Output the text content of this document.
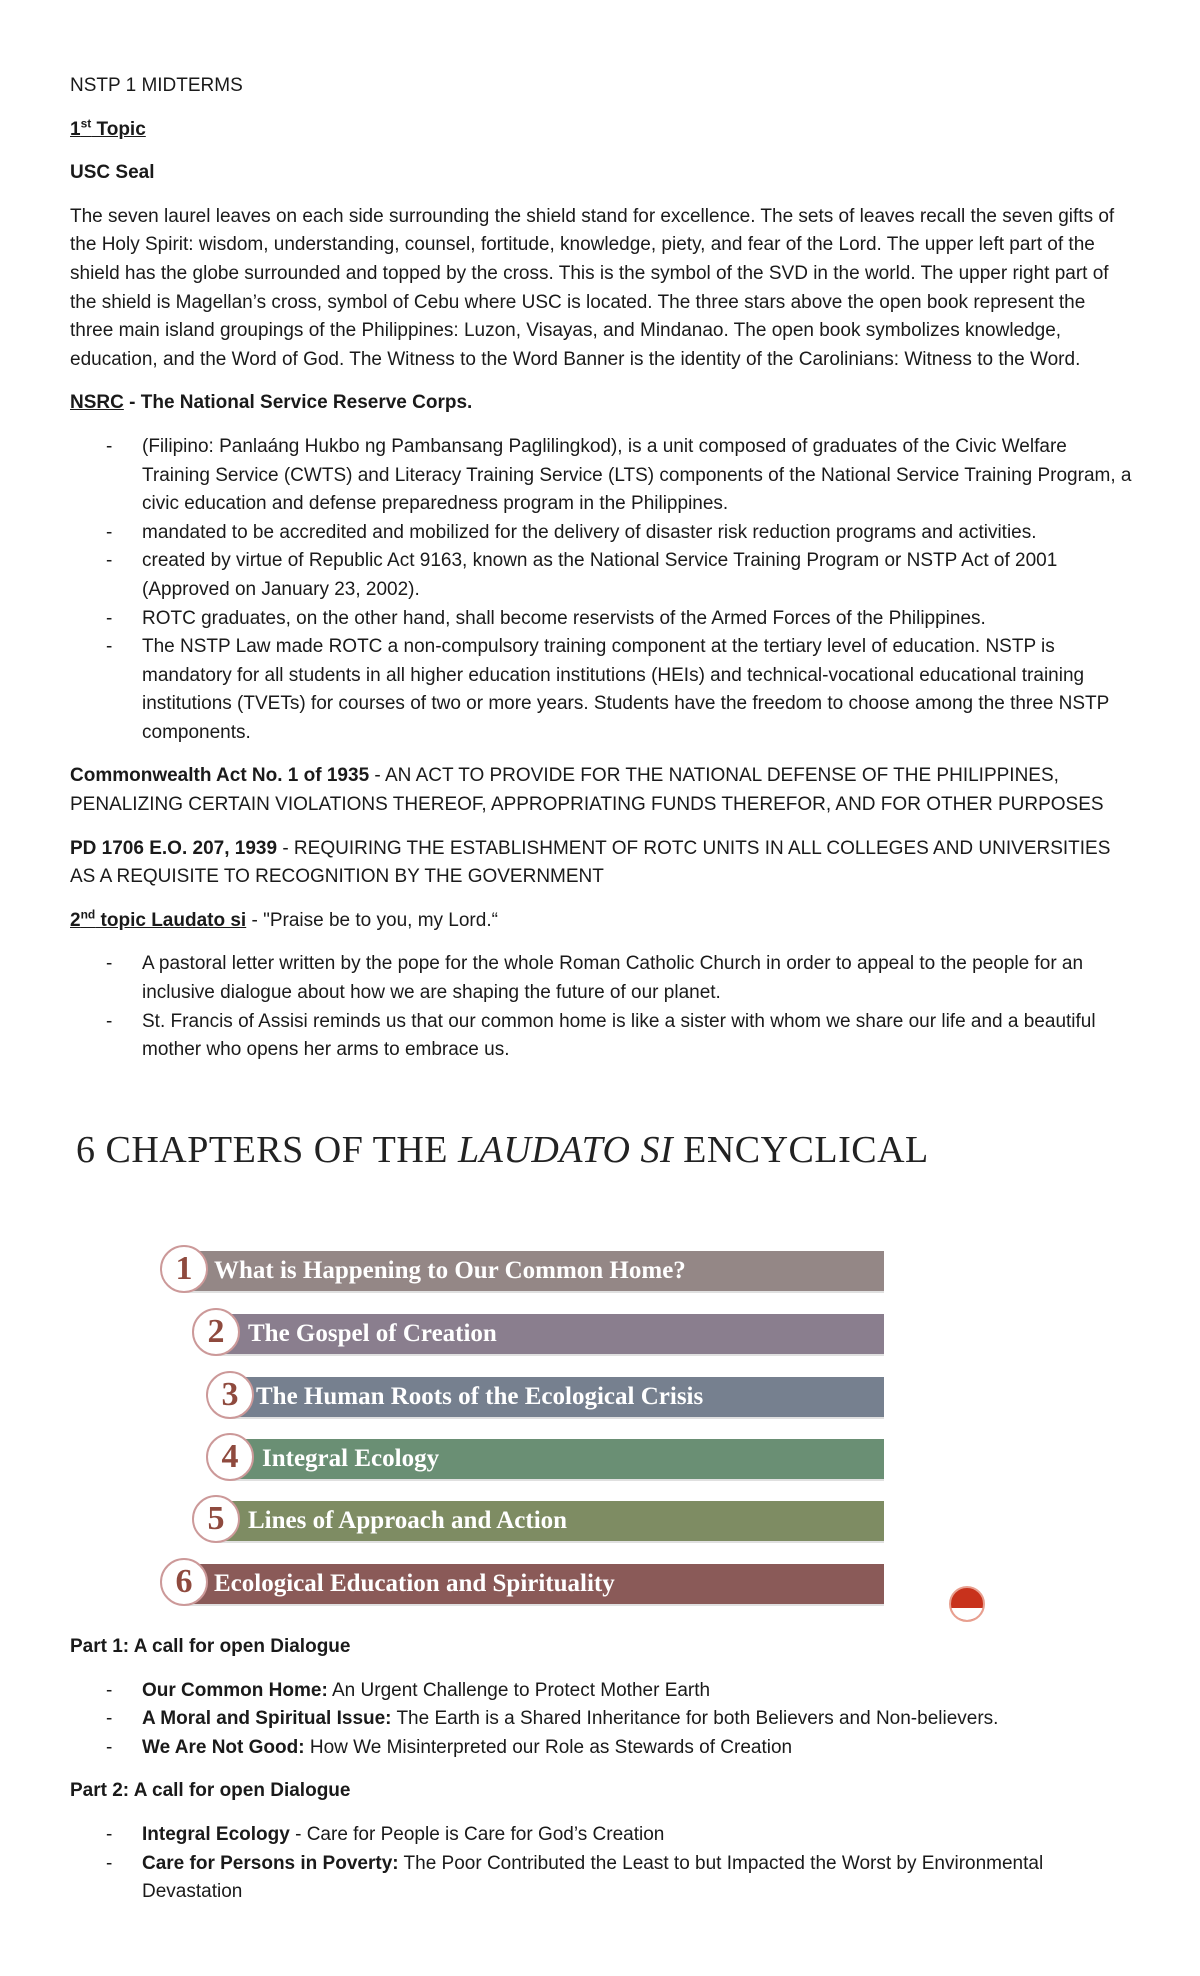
NSTP 1 MIDTERMS

1st Topic

USC Seal

The seven laurel leaves on each side surrounding the shield stand for excellence. The sets of leaves recall the seven gifts of the Holy Spirit: wisdom, understanding, counsel, fortitude, knowledge, piety, and fear of the Lord. The upper left part of the shield has the globe surrounded and topped by the cross. This is the symbol of the SVD in the world. The upper right part of the shield is Magellan’s cross, symbol of Cebu where USC is located. The three stars above the open book represent the three main island groupings of the Philippines: Luzon, Visayas, and Mindanao. The open book symbolizes knowledge, education, and the Word of God. The Witness to the Word Banner is the identity of the Carolinians: Witness to the Word.

NSRC - The National Service Reserve Corps.

- (Filipino: Panlaáng Hukbo ng Pambansang Paglilingkod), is a unit composed of graduates of the Civic Welfare Training Service (CWTS) and Literacy Training Service (LTS) components of the National Service Training Program, a civic education and defense preparedness program in the Philippines.
- mandated to be accredited and mobilized for the delivery of disaster risk reduction programs and activities.
- created by virtue of Republic Act 9163, known as the National Service Training Program or NSTP Act of 2001 (Approved on January 23, 2002).
- ROTC graduates, on the other hand, shall become reservists of the Armed Forces of the Philippines.
- The NSTP Law made ROTC a non-compulsory training component at the tertiary level of education. NSTP is mandatory for all students in all higher education institutions (HEIs) and technical-vocational educational training institutions (TVETs) for courses of two or more years. Students have the freedom to choose among the three NSTP components.

Commonwealth Act No. 1 of 1935 - AN ACT TO PROVIDE FOR THE NATIONAL DEFENSE OF THE PHILIPPINES, PENALIZING CERTAIN VIOLATIONS THEREOF, APPROPRIATING FUNDS THEREFOR, AND FOR OTHER PURPOSES

PD 1706 E.O. 207, 1939 - REQUIRING THE ESTABLISHMENT OF ROTC UNITS IN ALL COLLEGES AND UNIVERSITIES AS A REQUISITE TO RECOGNITION BY THE GOVERNMENT

2nd topic Laudato si - "Praise be to you, my Lord.“

- A pastoral letter written by the pope for the whole Roman Catholic Church in order to appeal to the people for an inclusive dialogue about how we are shaping the future of our planet.
- St. Francis of Assisi reminds us that our common home is like a sister with whom we share our life and a beautiful mother who opens her arms to embrace us.
6 CHAPTERS OF THE LAUDATO SI ENCYCLICAL
1 What is Happening to Our Common Home?
2 The Gospel of Creation
3 The Human Roots of the Ecological Crisis
4 Integral Ecology
5 Lines of Approach and Action
6 Ecological Education and Spirituality

Part 1: A call for open Dialogue

- Our Common Home: An Urgent Challenge to Protect Mother Earth
- A Moral and Spiritual Issue: The Earth is a Shared Inheritance for both Believers and Non-believers.
- We Are Not Good: How We Misinterpreted our Role as Stewards of Creation

Part 2: A call for open Dialogue

- Integral Ecology - Care for People is Care for God’s Creation
- Care for Persons in Poverty: The Poor Contributed the Least to but Impacted the Worst by Environmental Devastation
